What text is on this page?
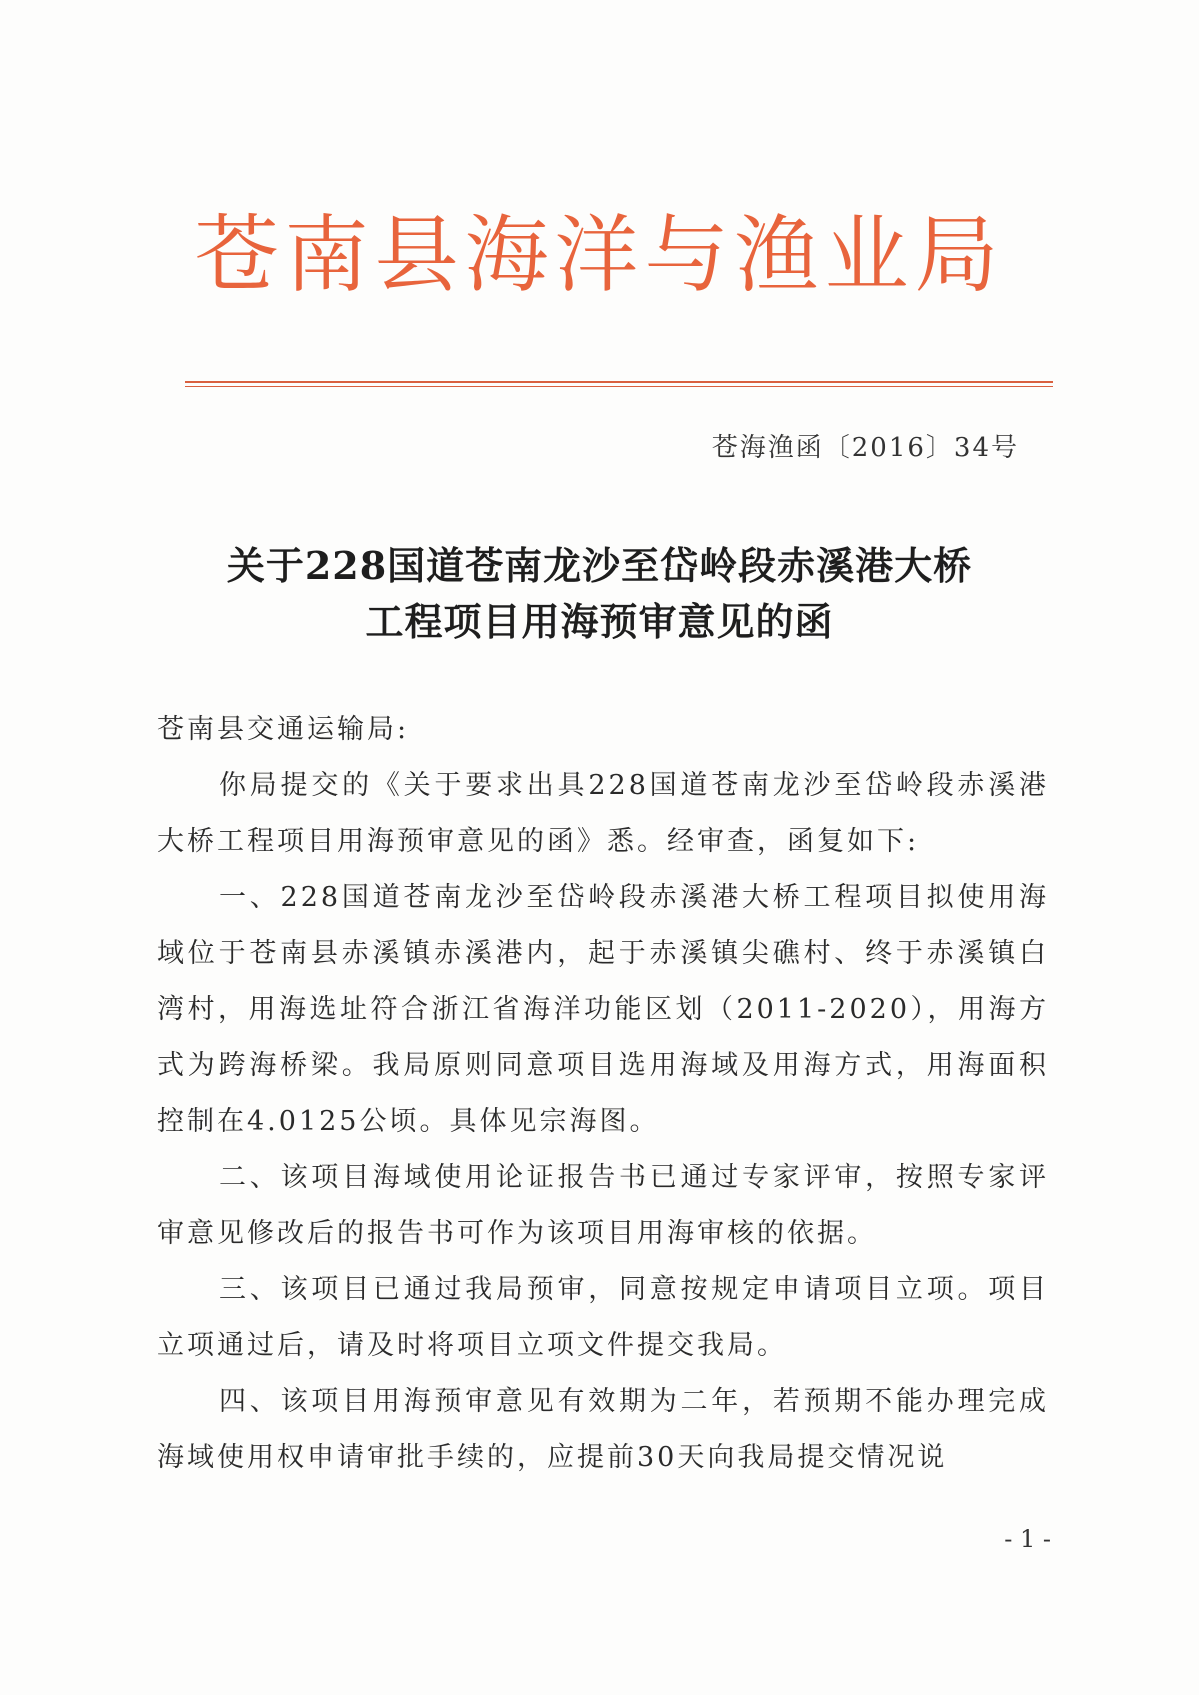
苍南县海洋与渔业局
苍海渔函〔2016〕34号
关于228国道苍南龙沙至岱岭段赤溪港大桥
工程项目用海预审意见的函

苍南县交通运输局:

你局提交的《关于要求出具228国道苍南龙沙至岱岭段赤溪港大桥工程项目用海预审意见的函》悉。经审查，函复如下:

一、228国道苍南龙沙至岱岭段赤溪港大桥工程项目拟使用海域位于苍南县赤溪镇赤溪港内，起于赤溪镇尖礁村、终于赤溪镇白湾村，用海选址符合浙江省海洋功能区划（2011-2020），用海方式为跨海桥梁。我局原则同意项目选用海域及用海方式，用海面积控制在4.0125公顷。具体见宗海图。

二、该项目海域使用论证报告书已通过专家评审，按照专家评审意见修改后的报告书可作为该项目用海审核的依据。

三、该项目已通过我局预审，同意按规定申请项目立项。项目立项通过后，请及时将项目立项文件提交我局。

四、该项目用海预审意见有效期为二年，若预期不能办理完成海域使用权申请审批手续的，应提前30天向我局提交情况说

- 1 -
